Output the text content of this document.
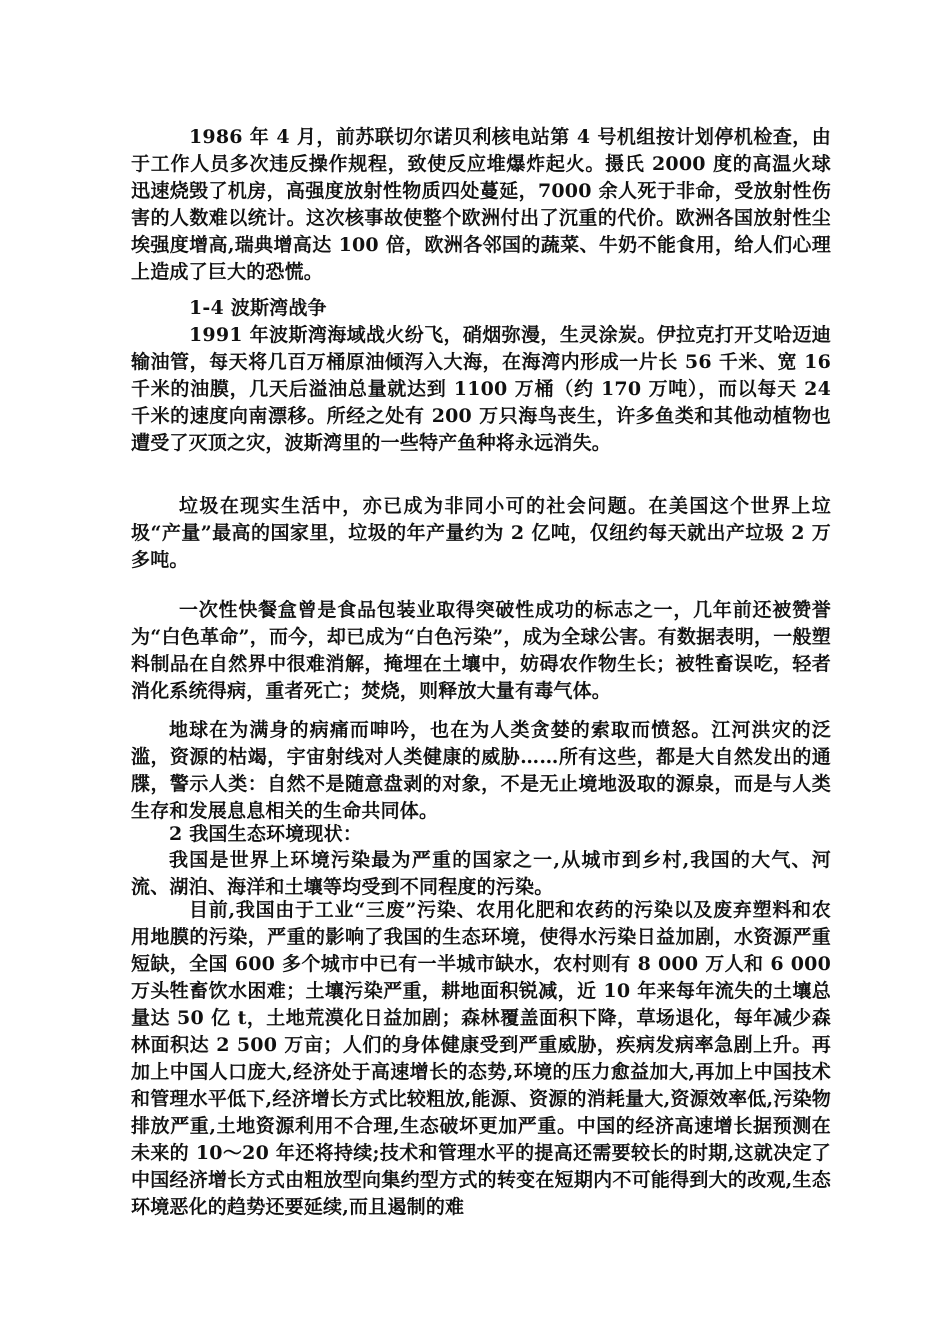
1986 年 4 月，前苏联切尔诺贝利核电站第 4 号机组按计划停机检查，由于工作人员多次违反操作规程，致使反应堆爆炸起火。摄氏 2000 度的高温火球迅速烧毁了机房，高强度放射性物质四处蔓延，7000 余人死于非命，受放射性伤害的人数难以统计。这次核事故使整个欧洲付出了沉重的代价。欧洲各国放射性尘埃强度增高,瑞典增高达 100 倍，欧洲各邻国的蔬菜、牛奶不能食用，给人们心理上造成了巨大的恐慌。

1-4 波斯湾战争

1991 年波斯湾海域战火纷飞，硝烟弥漫，生灵涂炭。伊拉克打开艾哈迈迪输油管，每天将几百万桶原油倾泻入大海，在海湾内形成一片长 56 千米、宽 16 千米的油膜，几天后溢油总量就达到 1100 万桶（约 170 万吨），而以每天 24 千米的速度向南漂移。所经之处有 200 万只海鸟丧生，许多鱼类和其他动植物也遭受了灭顶之灾，波斯湾里的一些特产鱼种将永远消失。

垃圾在现实生活中，亦已成为非同小可的社会问题。在美国这个世界上垃圾“产量”最高的国家里，垃圾的年产量约为 2 亿吨，仅纽约每天就出产垃圾 2 万多吨。

一次性快餐盒曾是食品包装业取得突破性成功的标志之一，几年前还被赞誉为“白色革命”，而今，却已成为“白色污染”，成为全球公害。有数据表明，一般塑料制品在自然界中很难消解，掩埋在土壤中，妨碍农作物生长；被牲畜误吃，轻者消化系统得病，重者死亡；焚烧，则释放大量有毒气体。

地球在为满身的病痛而呻吟，也在为人类贪婪的索取而愤怒。江河洪灾的泛滥，资源的枯竭，宇宙射线对人类健康的威胁……所有这些，都是大自然发出的通牒，警示人类：自然不是随意盘剥的对象，不是无止境地汲取的源泉，而是与人类生存和发展息息相关的生命共同体。

2 我国生态环境现状：

我国是世界上环境污染最为严重的国家之一,从城市到乡村,我国的大气、河流、湖泊、海洋和土壤等均受到不同程度的污染。

目前,我国由于工业“三废”污染、农用化肥和农药的污染以及废弃塑料和农用地膜的污染，严重的影响了我国的生态环境，使得水污染日益加剧，水资源严重短缺，全国 600 多个城市中已有一半城市缺水，农村则有 8 000 万人和 6 000 万头牲畜饮水困难；土壤污染严重，耕地面积锐减，近 10 年来每年流失的土壤总量达 50 亿 t，土地荒漠化日益加剧；森林覆盖面积下降，草场退化，每年减少森林面积达 2 500 万亩；人们的身体健康受到严重威胁，疾病发病率急剧上升。再加上中国人口庞大,经济处于高速增长的态势,环境的压力愈益加大,再加上中国技术和管理水平低下,经济增长方式比较粗放,能源、资源的消耗量大,资源效率低,污染物排放严重,土地资源利用不合理,生态破坏更加严重。中国的经济高速增长据预测在未来的 10～20 年还将持续;技术和管理水平的提高还需要较长的时期,这就决定了中国经济增长方式由粗放型向集约型方式的转变在短期内不可能得到大的改观,生态环境恶化的趋势还要延续,而且遏制的难
